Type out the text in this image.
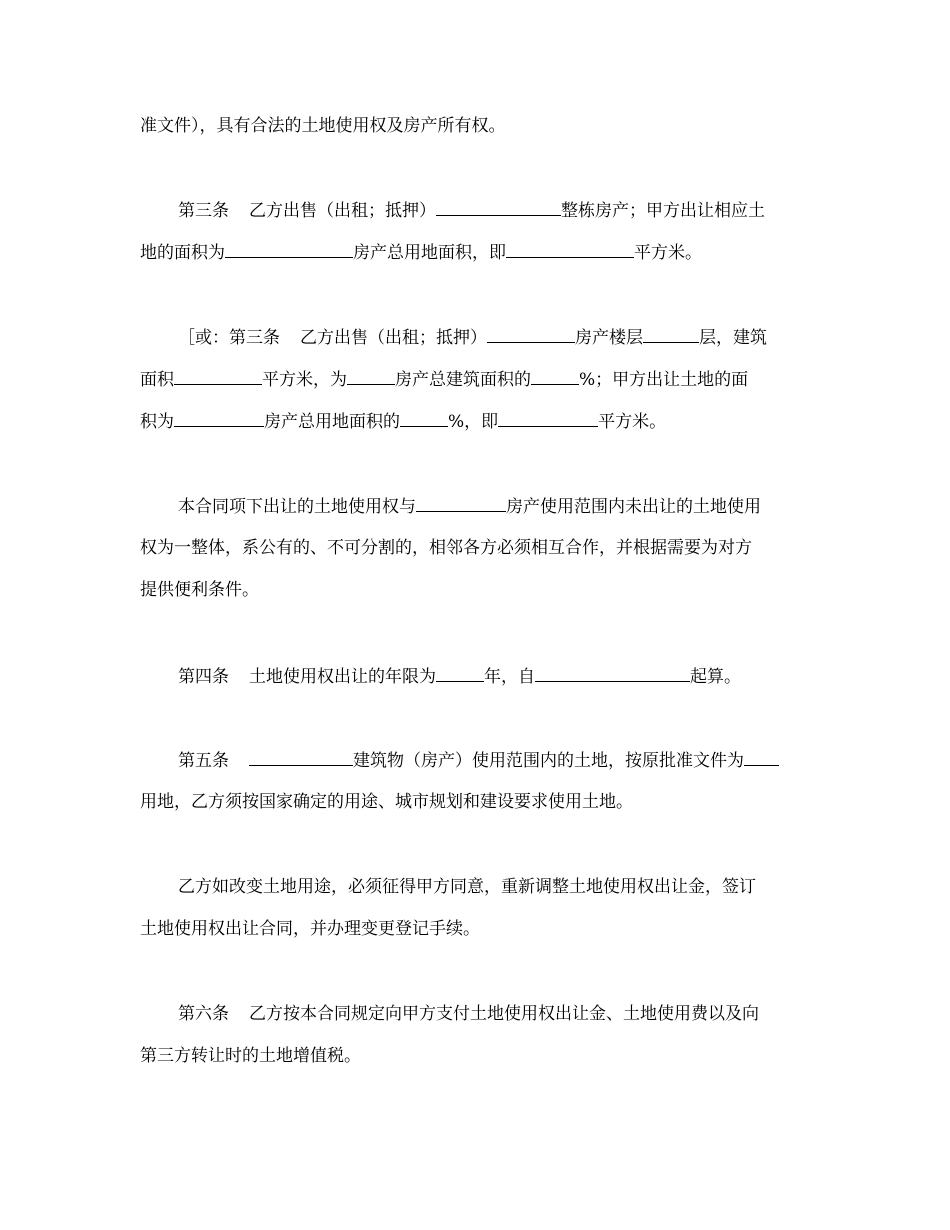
准文件），具有合法的土地使用权及房产所有权。
第三条 乙方出售（出租；抵押）	整栋房产；甲方出让相应土
地的面积为	房产总用地面积，即	平方米。
［或：第三条 乙方出售（出租；抵押）	房产楼层	层，建筑
面积	平方米，为	房产总建筑面积的	%；甲方出让土地的面
积为	房产总用地面积的	%，即	平方米。
本合同项下出让的土地使用权与	房产使用范围内未出让的土地使用
权为一整体，系公有的、不可分割的，相邻各方必须相互合作，并根据需要为对方
提供便利条件。
第四条 土地使用权出让的年限为	年，自	起算。
第五条	建筑物（房产）使用范围内的土地，按原批准文件为
用地，乙方须按国家确定的用途、城市规划和建设要求使用土地。
乙方如改变土地用途，必须征得甲方同意，重新调整土地使用权出让金，签订
土地使用权出让合同，并办理变更登记手续。
第六条 乙方按本合同规定向甲方支付土地使用权出让金、土地使用费以及向
第三方转让时的土地增值税。
